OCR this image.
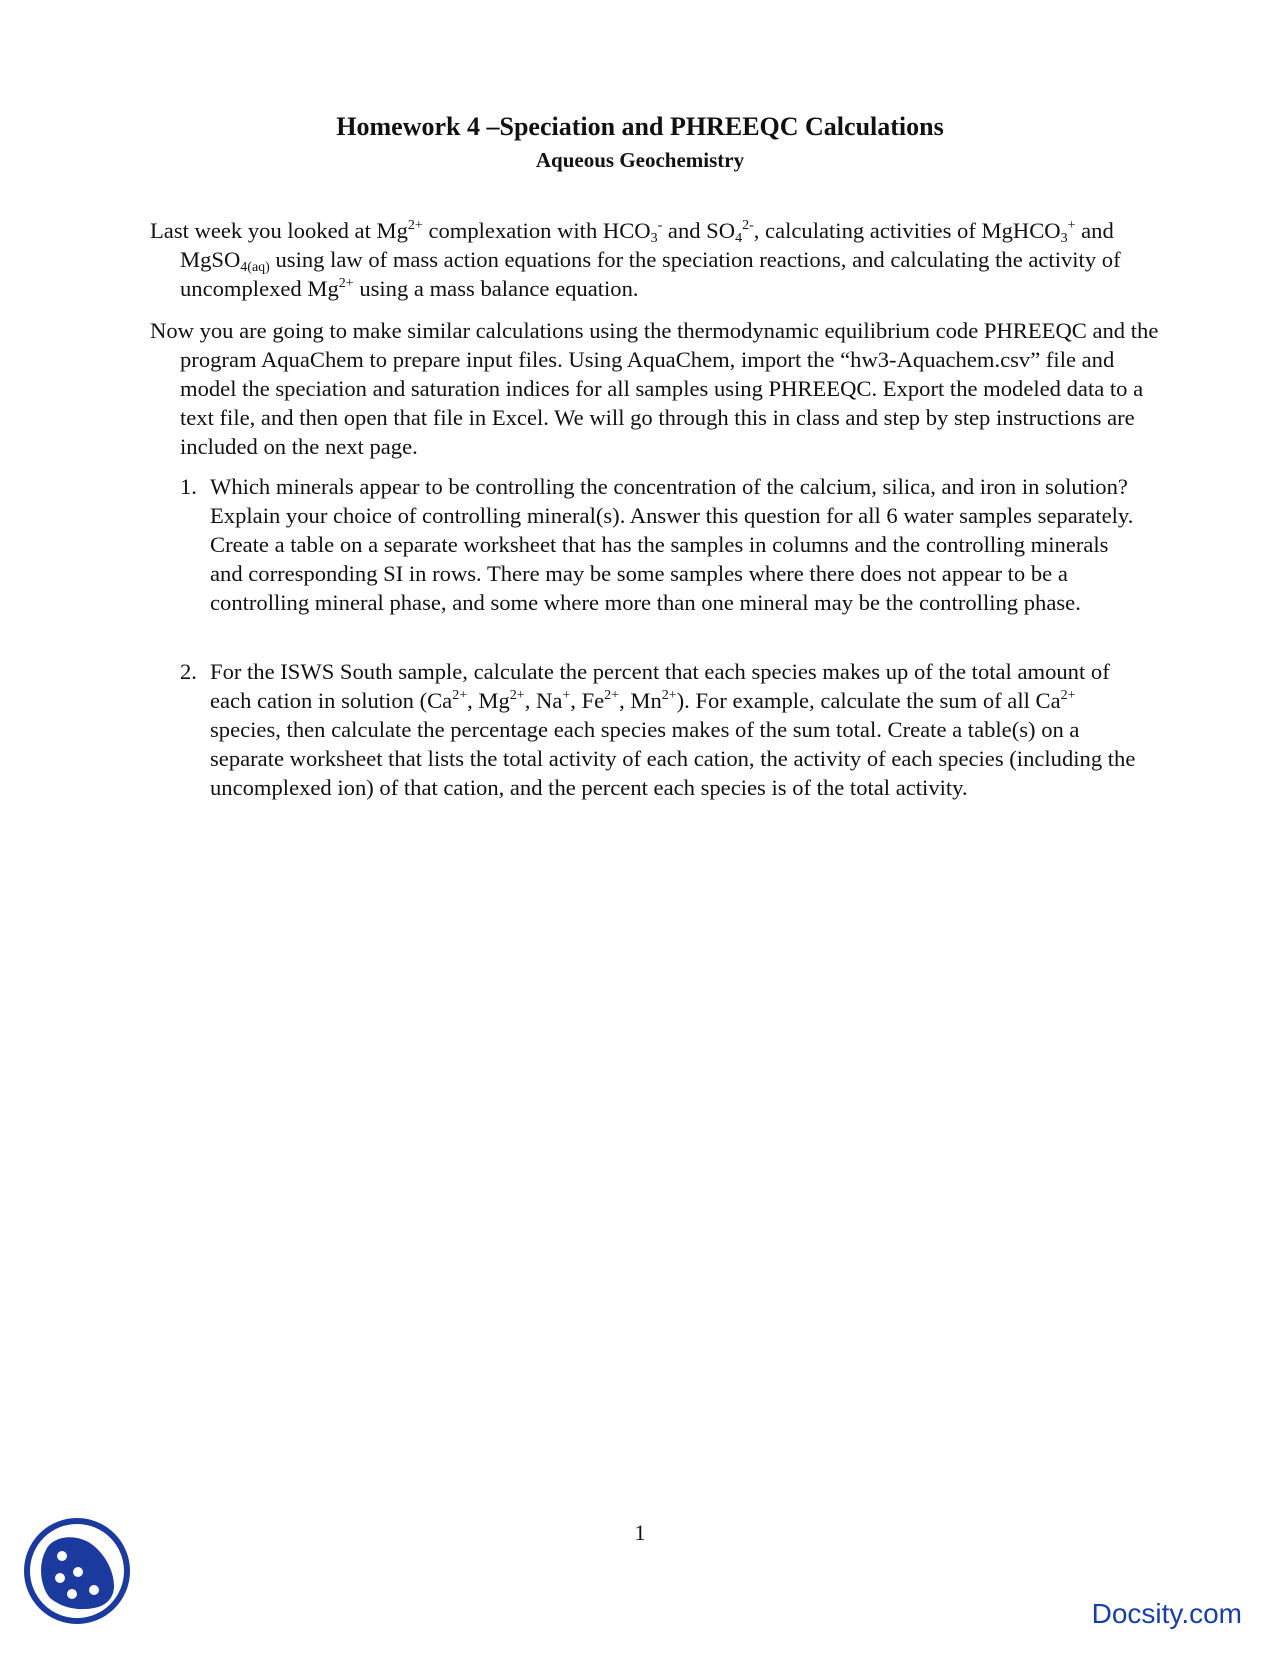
Homework 4 –Speciation and PHREEQC Calculations
Aqueous Geochemistry

Last week you looked at $Mg^{2+}$ complexation with $HCO_3^-$ and $SO_4^{2-}$, calculating activities of MgHCO$_3$+ and MgSO$_{4(aq)}$ using law of mass action equations for the speciation reactions, and calculating the activity of uncomplexed $Mg^{2+}$ using a mass balance equation.

Now you are going to make similar calculations using the thermodynamic equilibrium code PHREEQC and the program AquaChem to prepare input files. Using AquaChem, import the “hw3-Aquachem.csv” file and model the speciation and saturation indices for all samples using PHREEQC. Export the modeled data to a text file, and then open that file in Excel. We will go through this in class and step by step instructions are included on the next page.

1. Which minerals appear to be controlling the concentration of the calcium, silica, and iron in solution? Explain your choice of controlling mineral(s). Answer this question for all 6 water samples separately. Create a table on a separate worksheet that has the samples in columns and the controlling minerals and corresponding SI in rows. There may be some samples where there does not appear to be a controlling mineral phase, and some where more than one mineral may be the controlling phase.
2. For the ISWS South sample, calculate the percent that each species makes up of the total amount of each cation in solution ($Ca^{2+}$, $Mg^{2+}$, Na+, $Fe^{2+}$, $Mn^{2+}$). For example, calculate the sum of all $Ca^{2+}$ species, then calculate the percentage each species makes of the sum total. Create a table(s) on a separate worksheet that lists the total activity of each cation, the activity of each species (including the uncomplexed ion) of that cation, and the percent each species is of the total activity.

1

Docsity.com
